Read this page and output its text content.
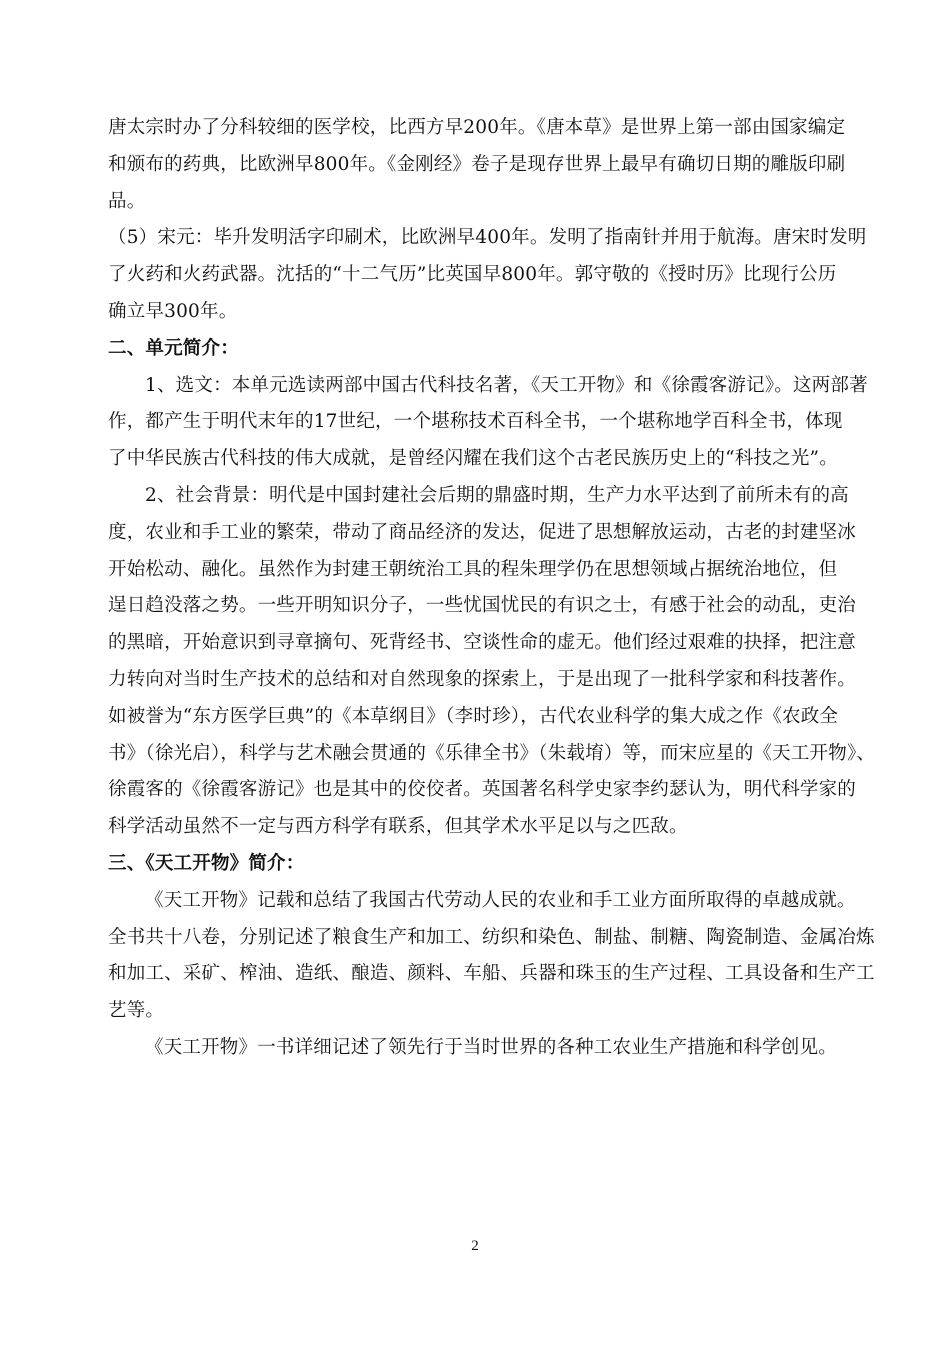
唐太宗时办了分科较细的医学校，比西方早200年。《唐本草》是世界上第一部由国家编定
和颁布的药典，比欧洲早800年。《金刚经》卷子是现存世界上最早有确切日期的雕版印刷
品。
（5）宋元：毕升发明活字印刷术，比欧洲早400年。发明了指南针并用于航海。唐宋时发明
了火药和火药武器。沈括的“十二气历”比英国早800年。郭守敬的《授时历》比现行公历
确立早300年。
二、单元简介：
1、选文：本单元选读两部中国古代科技名著，《天工开物》和《徐霞客游记》。这两部著
作，都产生于明代末年的17世纪，一个堪称技术百科全书，一个堪称地学百科全书，体现
了中华民族古代科技的伟大成就，是曾经闪耀在我们这个古老民族历史上的“科技之光”。
2、社会背景：明代是中国封建社会后期的鼎盛时期，生产力水平达到了前所未有的高
度，农业和手工业的繁荣，带动了商品经济的发达，促进了思想解放运动，古老的封建坚冰
开始松动、融化。虽然作为封建王朝统治工具的程朱理学仍在思想领域占据统治地位，但
逞日趋没落之势。一些开明知识分子，一些忧国忧民的有识之士，有感于社会的动乱，吏治
的黑暗，开始意识到寻章摘句、死背经书、空谈性命的虚无。他们经过艰难的抉择，把注意
力转向对当时生产技术的总结和对自然现象的探索上，于是出现了一批科学家和科技著作。
如被誉为“东方医学巨典”的《本草纲目》（李时珍），古代农业科学的集大成之作《农政全
书》（徐光启），科学与艺术融会贯通的《乐律全书》（朱载堉）等，而宋应星的《天工开物》、
徐霞客的《徐霞客游记》也是其中的佼佼者。英国著名科学史家李约瑟认为，明代科学家的
科学活动虽然不一定与西方科学有联系，但其学术水平足以与之匹敌。
三、《天工开物》简介：
《天工开物》记载和总结了我国古代劳动人民的农业和手工业方面所取得的卓越成就。
全书共十八卷，分别记述了粮食生产和加工、纺织和染色、制盐、制糖、陶瓷制造、金属冶炼
和加工、采矿、榨油、造纸、酿造、颜料、车船、兵器和珠玉的生产过程、工具设备和生产工
艺等。
《天工开物》一书详细记述了领先行于当时世界的各种工农业生产措施和科学创见。
2
